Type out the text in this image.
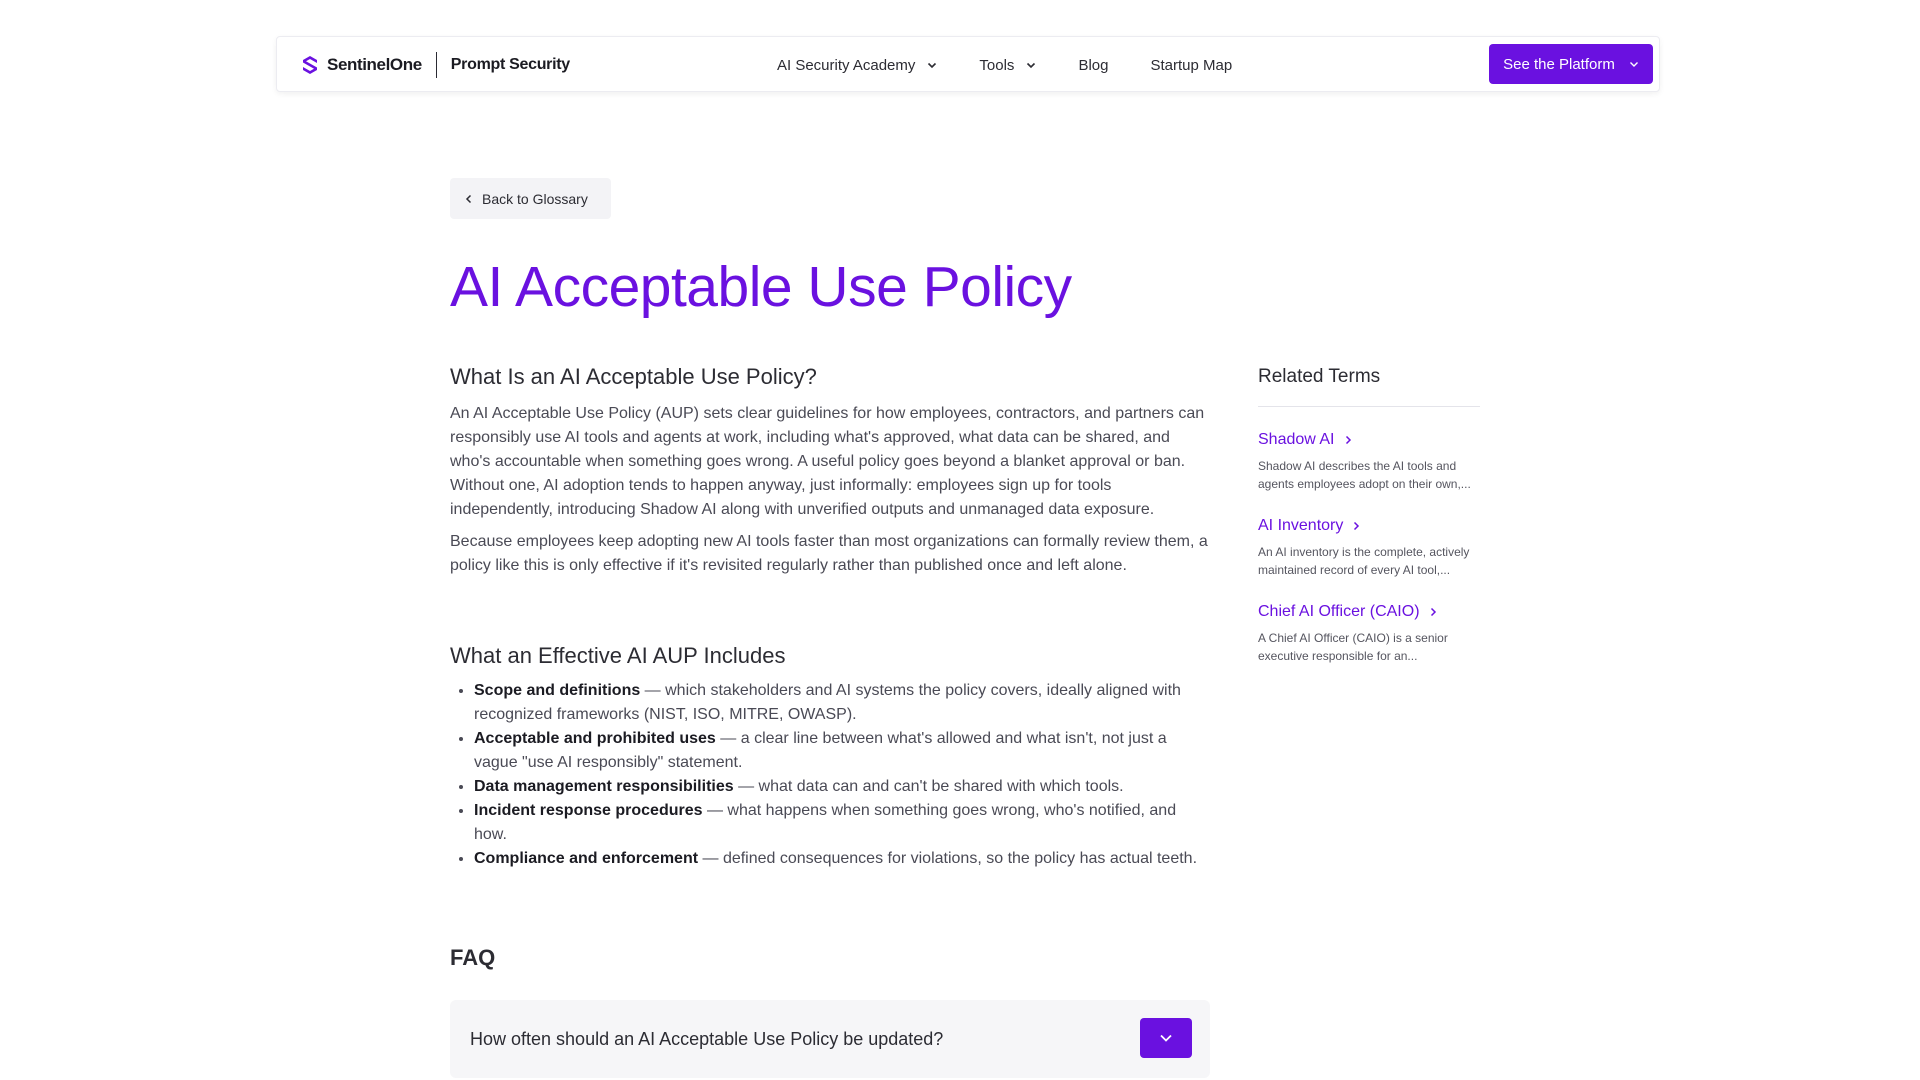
SentinelOne Prompt Security	AI Security Academy	Tools	Blog	Startup Map	See the Platform
Back to Glossary
AI Acceptable Use Policy
What Is an AI Acceptable Use Policy?

An AI Acceptable Use Policy (AUP) sets clear guidelines for how employees, contractors, and partners can responsibly use AI tools and agents at work, including what's approved, what data can be shared, and who's accountable when something goes wrong. A useful policy goes beyond a blanket approval or ban. Without one, AI adoption tends to happen anyway, just informally: employees sign up for tools independently, introducing Shadow AI along with unverified outputs and unmanaged data exposure.

Because employees keep adopting new AI tools faster than most organizations can formally review them, a policy like this is only effective if it's revisited regularly rather than published once and left alone.

What an Effective AI AUP Includes
• Scope and definitions — which stakeholders and AI systems the policy covers, ideally aligned with recognized frameworks (NIST, ISO, MITRE, OWASP).
• Acceptable and prohibited uses — a clear line between what's allowed and what isn't, not just a vague "use AI responsibly" statement.
• Data management responsibilities — what data can and can't be shared with which tools.
• Incident response procedures — what happens when something goes wrong, who's notified, and how.
• Compliance and enforcement — defined consequences for violations, so the policy has actual teeth.
FAQ
How often should an AI Acceptable Use Policy be updated?
Related Terms
Shadow AI
Shadow AI describes the AI tools and agents employees adopt on their own,...
AI Inventory
An AI inventory is the complete, actively maintained record of every AI tool,...
Chief AI Officer (CAIO)
A Chief AI Officer (CAIO) is a senior executive responsible for an...
